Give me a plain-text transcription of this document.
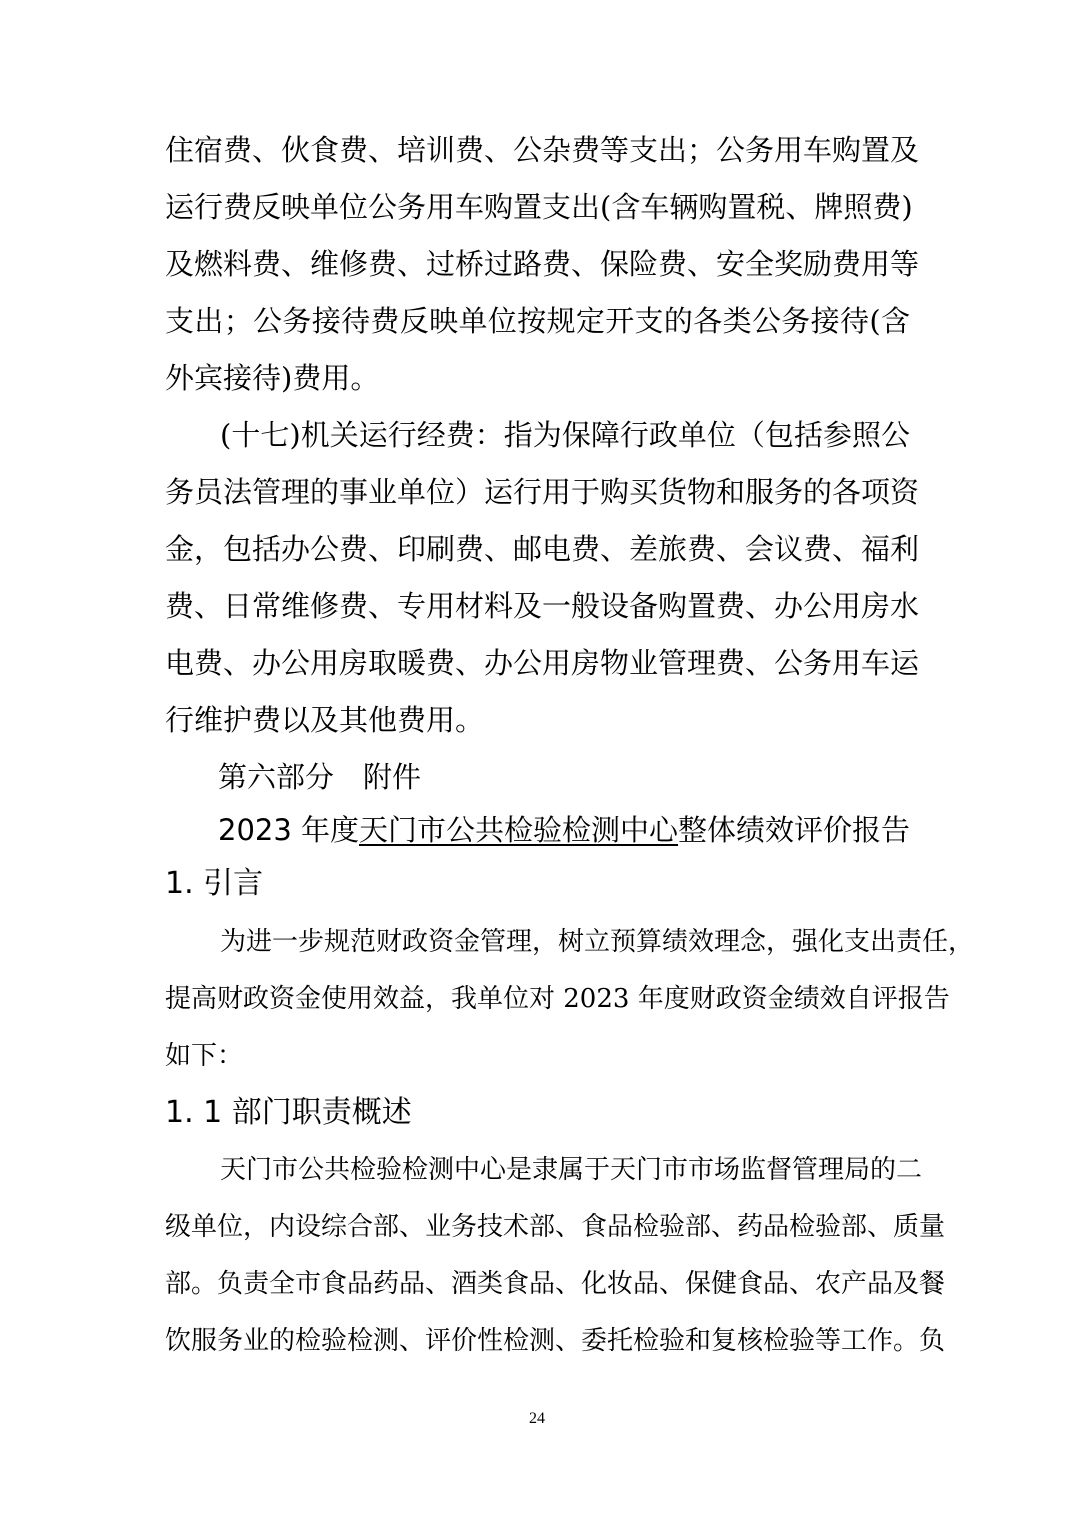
住宿费、伙食费、培训费、公杂费等支出；公务用车购置及
运行费反映单位公务用车购置支出(含车辆购置税、牌照费)
及燃料费、维修费、过桥过路费、保险费、安全奖励费用等
支出；公务接待费反映单位按规定开支的各类公务接待(含
外宾接待)费用。
(十七)机关运行经费：指为保障行政单位（包括参照公
务员法管理的事业单位）运行用于购买货物和服务的各项资
金，包括办公费、印刷费、邮电费、差旅费、会议费、福利
费、日常维修费、专用材料及一般设备购置费、办公用房水
电费、办公用房取暖费、办公用房物业管理费、公务用车运
行维护费以及其他费用。
第六部分　附件
2023 年度天门市公共检验检测中心整体绩效评价报告
1. 引言
为进一步规范财政资金管理，树立预算绩效理念，强化支出责任，
提高财政资金使用效益，我单位对 2023 年度财政资金绩效自评报告
如下：
1. 1 部门职责概述
天门市公共检验检测中心是隶属于天门市市场监督管理局的二
级单位，内设综合部、业务技术部、食品检验部、药品检验部、质量
部。负责全市食品药品、酒类食品、化妆品、保健食品、农产品及餐
饮服务业的检验检测、评价性检测、委托检验和复核检验等工作。负
24
